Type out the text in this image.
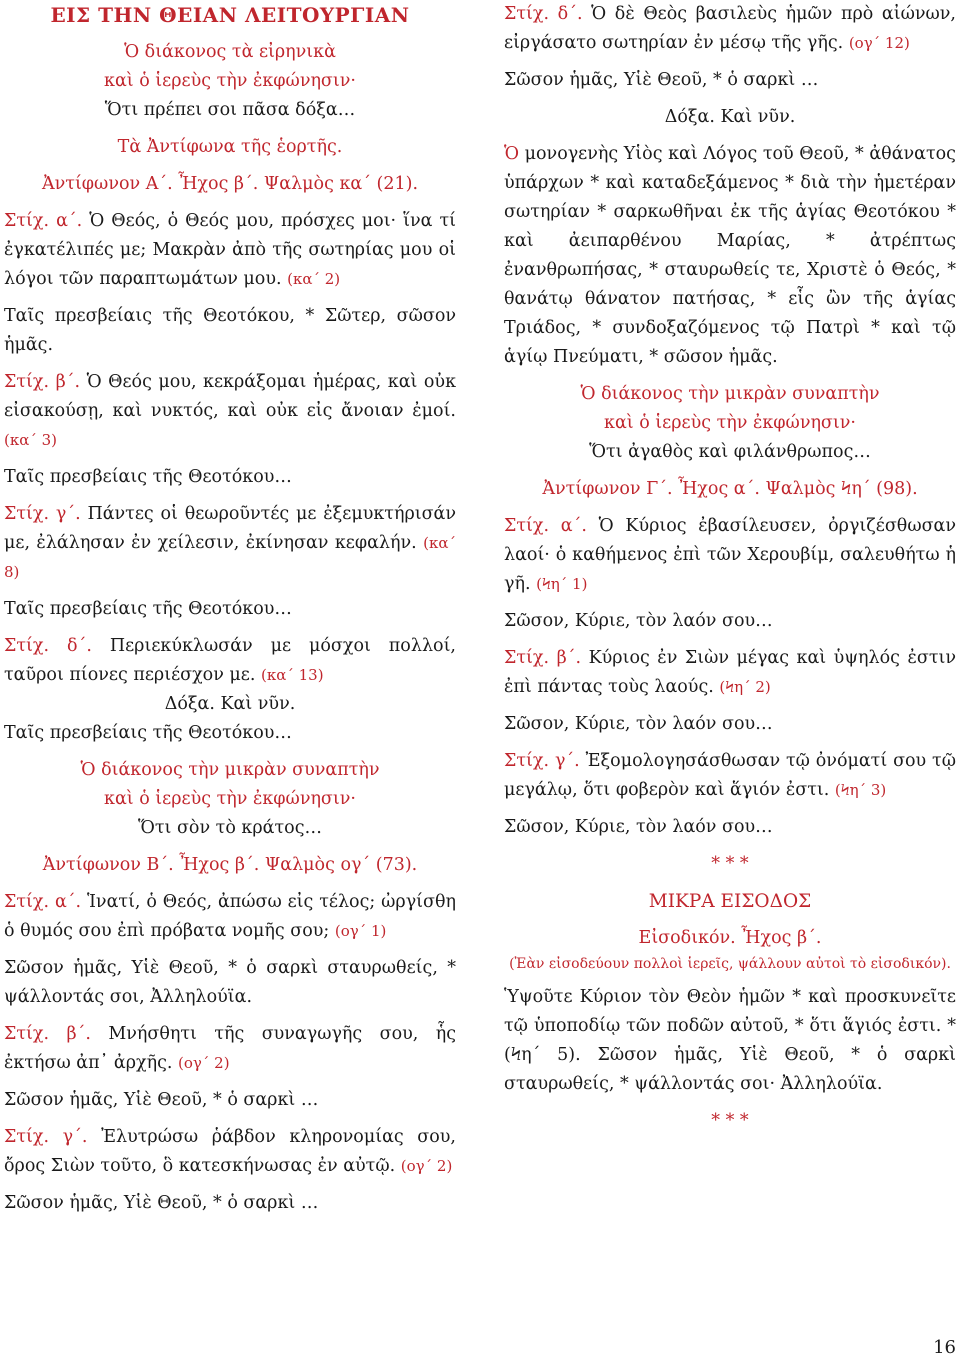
ΕΙΣ ΤΗΝ ΘΕΙΑΝ ΛΕΙΤΟΥΡΓΙΑΝ

Ὁ διάκονος τὰ εἰρηνικὰ

καὶ ὁ ἱερεὺς τὴν ἐκφώνησιν·

Ὅτι πρέπει σοι πᾶσα δόξα…

Τὰ Ἀντίφωνα τῆς ἑορτῆς.

Ἀντίφωνον Α΄. Ἦχος β΄. Ψαλμὸς κα΄ (21).

Στίχ. α΄. Ὁ Θεός, ὁ Θεός μου, πρόσχες μοι· ἵνα τί ἐγκατέλιπές με; Μακρὰν ἀπὸ τῆς σωτηρίας μου οἱ λόγοι τῶν παραπτωμάτων μου. (κα΄ 2)

Ταῖς πρεσβείαις τῆς Θεοτόκου, * Σῶτερ, σῶσον ἡμᾶς.

Στίχ. β΄. Ὁ Θεός μου, κεκράξομαι ἡμέρας, καὶ οὐκ εἰσακούσῃ, καὶ νυκτός, καὶ οὐκ εἰς ἄνοιαν ἐμοί. (κα΄ 3)

Ταῖς πρεσβείαις τῆς Θεοτόκου…

Στίχ. γ΄. Πάντες οἱ θεωροῦντές με ἐξεμυκτήρισάν με, ἐλάλησαν ἐν χείλεσιν, ἐκίνησαν κεφαλήν. (κα΄ 8)

Ταῖς πρεσβείαις τῆς Θεοτόκου…

Στίχ. δ΄. Περιεκύκλωσάν με μόσχοι πολλοί, ταῦροι πίονες περιέσχον με. (κα΄ 13)

Δόξα. Καὶ νῦν.

Ταῖς πρεσβείαις τῆς Θεοτόκου…

Ὁ διάκονος τὴν μικρὰν συναπτὴν

καὶ ὁ ἱερεὺς τὴν ἐκφώνησιν·

Ὅτι σὸν τὸ κράτος…

Ἀντίφωνον Β΄. Ἦχος β΄. Ψαλμὸς ογ΄ (73).

Στίχ. α΄. Ἱνατί, ὁ Θεός, ἀπώσω εἰς τέλος; ὠργίσθη ὁ θυμός σου ἐπὶ πρόβατα νομῆς σου; (ογ΄ 1)

Σῶσον ἡμᾶς, Υἱὲ Θεοῦ, * ὁ σαρκὶ σταυρωθείς, * ψάλλοντάς σοι, Ἀλληλούϊα.

Στίχ. β΄. Μνήσθητι τῆς συναγωγῆς σου, ἧς ἐκτήσω ἀπ᾿ ἀρχῆς. (ογ΄ 2)

Σῶσον ἡμᾶς, Υἱὲ Θεοῦ, * ὁ σαρκὶ …

Στίχ. γ΄. Ἐλυτρώσω ῥάβδον κληρονομίας σου, ὄρος Σιὼν τοῦτο, ὃ κατεσκήνωσας ἐν αὐτῷ. (ογ΄ 2)

Σῶσον ἡμᾶς, Υἱὲ Θεοῦ, * ὁ σαρκὶ …

Στίχ. δ΄. Ὁ δὲ Θεὸς βασιλεὺς ἡμῶν πρὸ αἰώνων, εἰργάσατο σωτηρίαν ἐν μέσῳ τῆς γῆς. (ογ΄ 12)

Σῶσον ἡμᾶς, Υἱὲ Θεοῦ, * ὁ σαρκὶ …

Δόξα. Καὶ νῦν.

Ὁ μονογενὴς Υἱὸς καὶ Λόγος τοῦ Θεοῦ, * ἀθάνατος ὑπάρχων * καὶ καταδεξάμενος * διὰ τὴν ἡμετέραν σωτηρίαν * σαρκωθῆναι ἐκ τῆς ἁγίας Θεοτόκου * καὶ ἀειπαρθένου Μαρίας, * ἀτρέπτως ἐνανθρωπήσας, * σταυρωθείς τε, Χριστὲ ὁ Θεός, * θανάτῳ θάνατον πατήσας, * εἷς ὢν τῆς ἁγίας Τριάδος, * συνδοξαζόμενος τῷ Πατρὶ * καὶ τῷ ἁγίῳ Πνεύματι, * σῶσον ἡμᾶς.

Ὁ διάκονος τὴν μικρὰν συναπτὴν

καὶ ὁ ἱερεὺς τὴν ἐκφώνησιν·

Ὅτι ἀγαθὸς καὶ φιλάνθρωπος…

Ἀντίφωνον Γ΄. Ἦχος α΄. Ψαλμὸς Ϟη΄ (98).

Στίχ. α΄. Ὁ Κύριος ἐβασίλευσεν, ὀργιζέσθωσαν λαοί· ὁ καθήμενος ἐπὶ τῶν Χερουβίμ, σαλευθήτω ἡ γῆ. (Ϟη΄ 1)

Σῶσον, Κύριε, τὸν λαόν σου…

Στίχ. β΄. Κύριος ἐν Σιὼν μέγας καὶ ὑψηλός ἐστιν ἐπὶ πάντας τοὺς λαούς. (Ϟη΄ 2)

Σῶσον, Κύριε, τὸν λαόν σου…

Στίχ. γ΄. Ἐξομολογησάσθωσαν τῷ ὀνόματί σου τῷ μεγάλῳ, ὅτι φοβερὸν καὶ ἅγιόν ἐστι. (Ϟη΄ 3)

Σῶσον, Κύριε, τὸν λαόν σου…

* * *

ΜΙΚΡΑ ΕΙΣΟΔΟΣ

Εἰσοδικόν. Ἦχος β΄.

(Ἐὰν εἰσοδεύουν πολλοὶ ἱερεῖς, ψάλλουν αὐτοὶ τὸ εἰσοδικόν).

Ὑψοῦτε Κύριον τὸν Θεὸν ἡμῶν * καὶ προσκυνεῖτε τῷ ὑποποδίῳ τῶν ποδῶν αὐτοῦ, * ὅτι ἅγιός ἐστι. * (Ϟη΄ 5). Σῶσον ἡμᾶς, Υἱὲ Θεοῦ, * ὁ σαρκὶ σταυρωθείς, * ψάλλοντάς σοι· Ἀλληλούϊα.

* * *

16
